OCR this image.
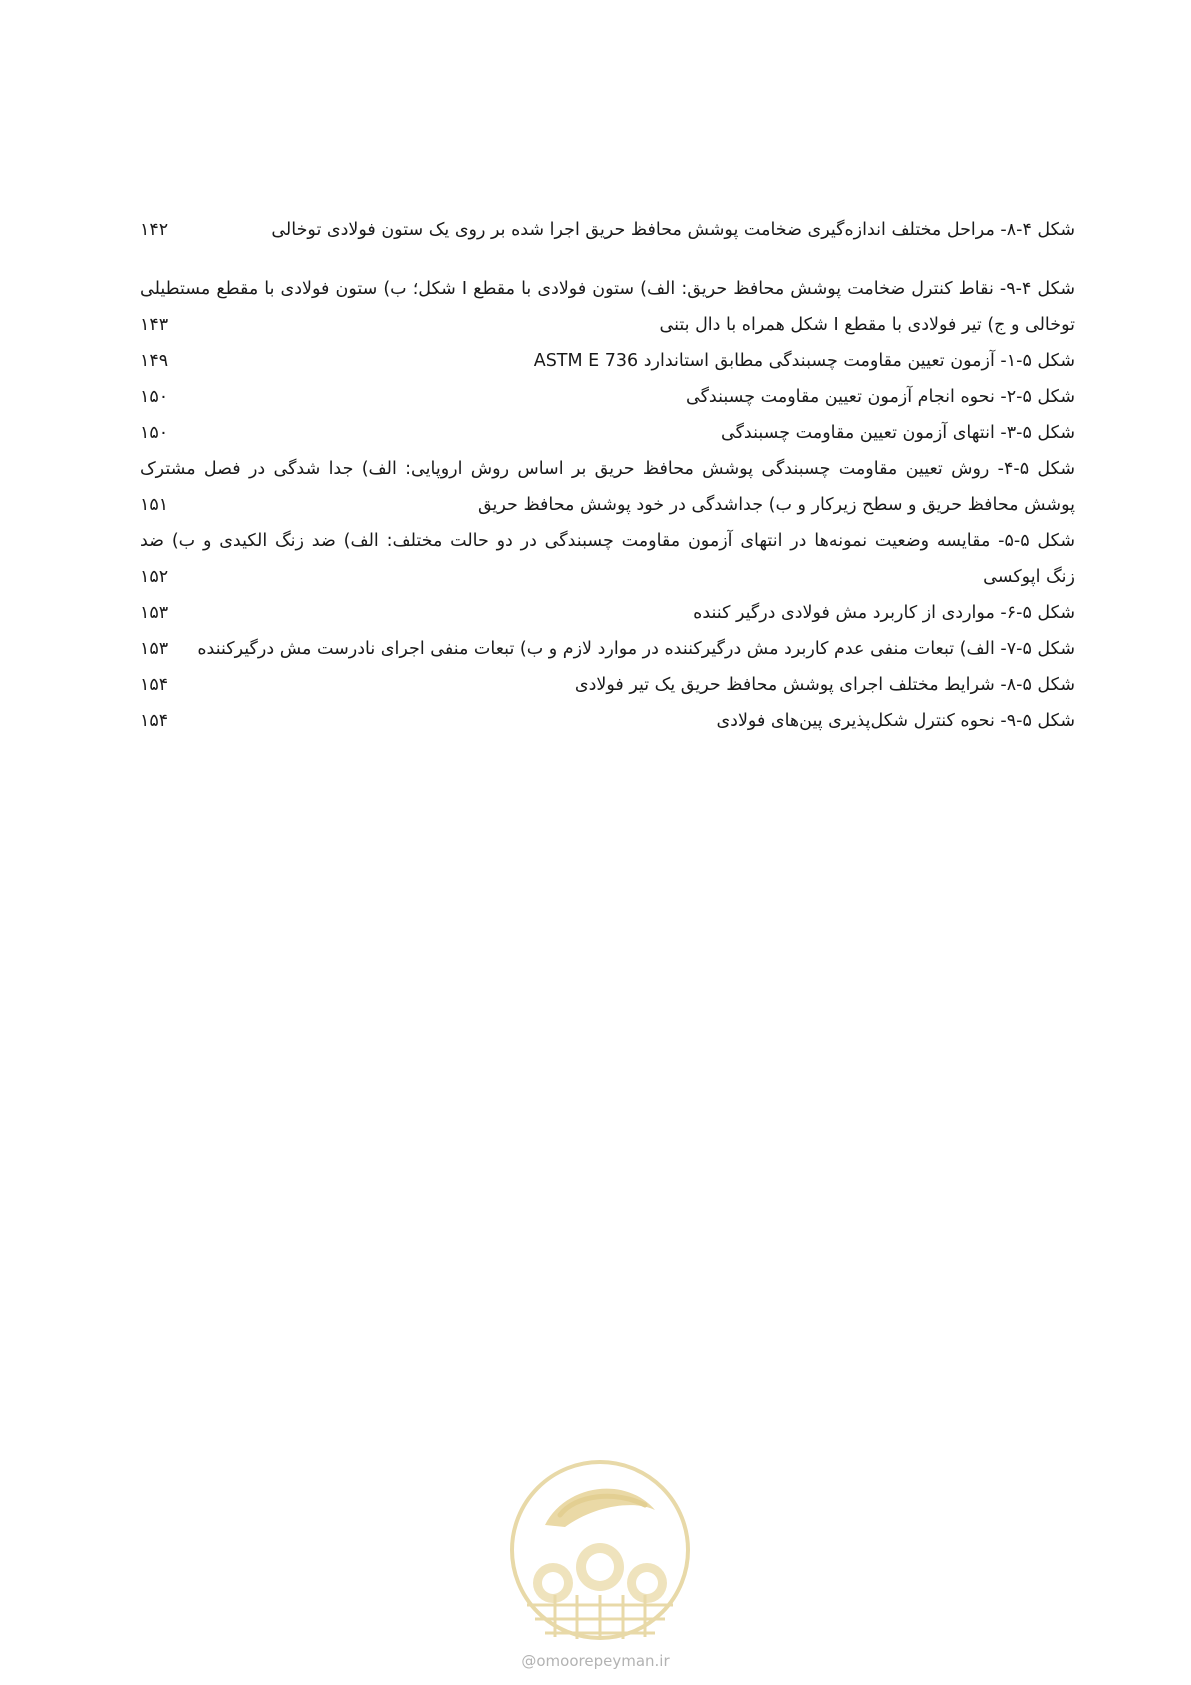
شکل ۴-۸- مراحل مختلف اندازه‌گیری ضخامت پوشش محافظ حریق اجرا شده بر روی یک ستون فولادی توخالی
۱۴۲
شکل ۴-۹- نقاط کنترل ضخامت پوشش محافظ حریق: الف) ستون فولادی با مقطع I شکل؛ ب) ستون فولادی با مقطع مستطیلی
توخالی و ج) تیر فولادی با مقطع I شکل همراه با دال بتنی
۱۴۳
شکل ۵-۱- آزمون تعیین مقاومت چسبندگی مطابق استاندارد ASTM E 736
۱۴۹
شکل ۵-۲- نحوه انجام آزمون تعیین مقاومت چسبندگی
۱۵۰
شکل ۵-۳- انتهای آزمون تعیین مقاومت چسبندگی
۱۵۰
شکل ۵-۴- روش تعیین مقاومت چسبندگی پوشش محافظ حریق بر اساس روش اروپایی: الف) جدا شدگی در فصل مشترک
پوشش محافظ حریق و سطح زیرکار و ب) جداشدگی در خود پوشش محافظ حریق
۱۵۱
شکل ۵-۵- مقایسه وضعیت نمونه‌ها در انتهای آزمون مقاومت چسبندگی در دو حالت مختلف: الف) ضد زنگ الکیدی و ب) ضد
زنگ اپوکسی
۱۵۲
شکل ۵-۶- مواردی از کاربرد مش فولادی درگیر کننده
۱۵۳
شکل ۵-۷- الف) تبعات منفی عدم کاربرد مش درگیرکننده در موارد لازم و ب) تبعات منفی اجرای نادرست مش درگیرکننده
۱۵۳
شکل ۵-۸- شرایط مختلف اجرای پوشش محافظ حریق یک تیر فولادی
۱۵۴
شکل ۵-۹- نحوه کنترل شکل‌پذیری پین‌های فولادی
۱۵۴
@omoorepeyman.ir
